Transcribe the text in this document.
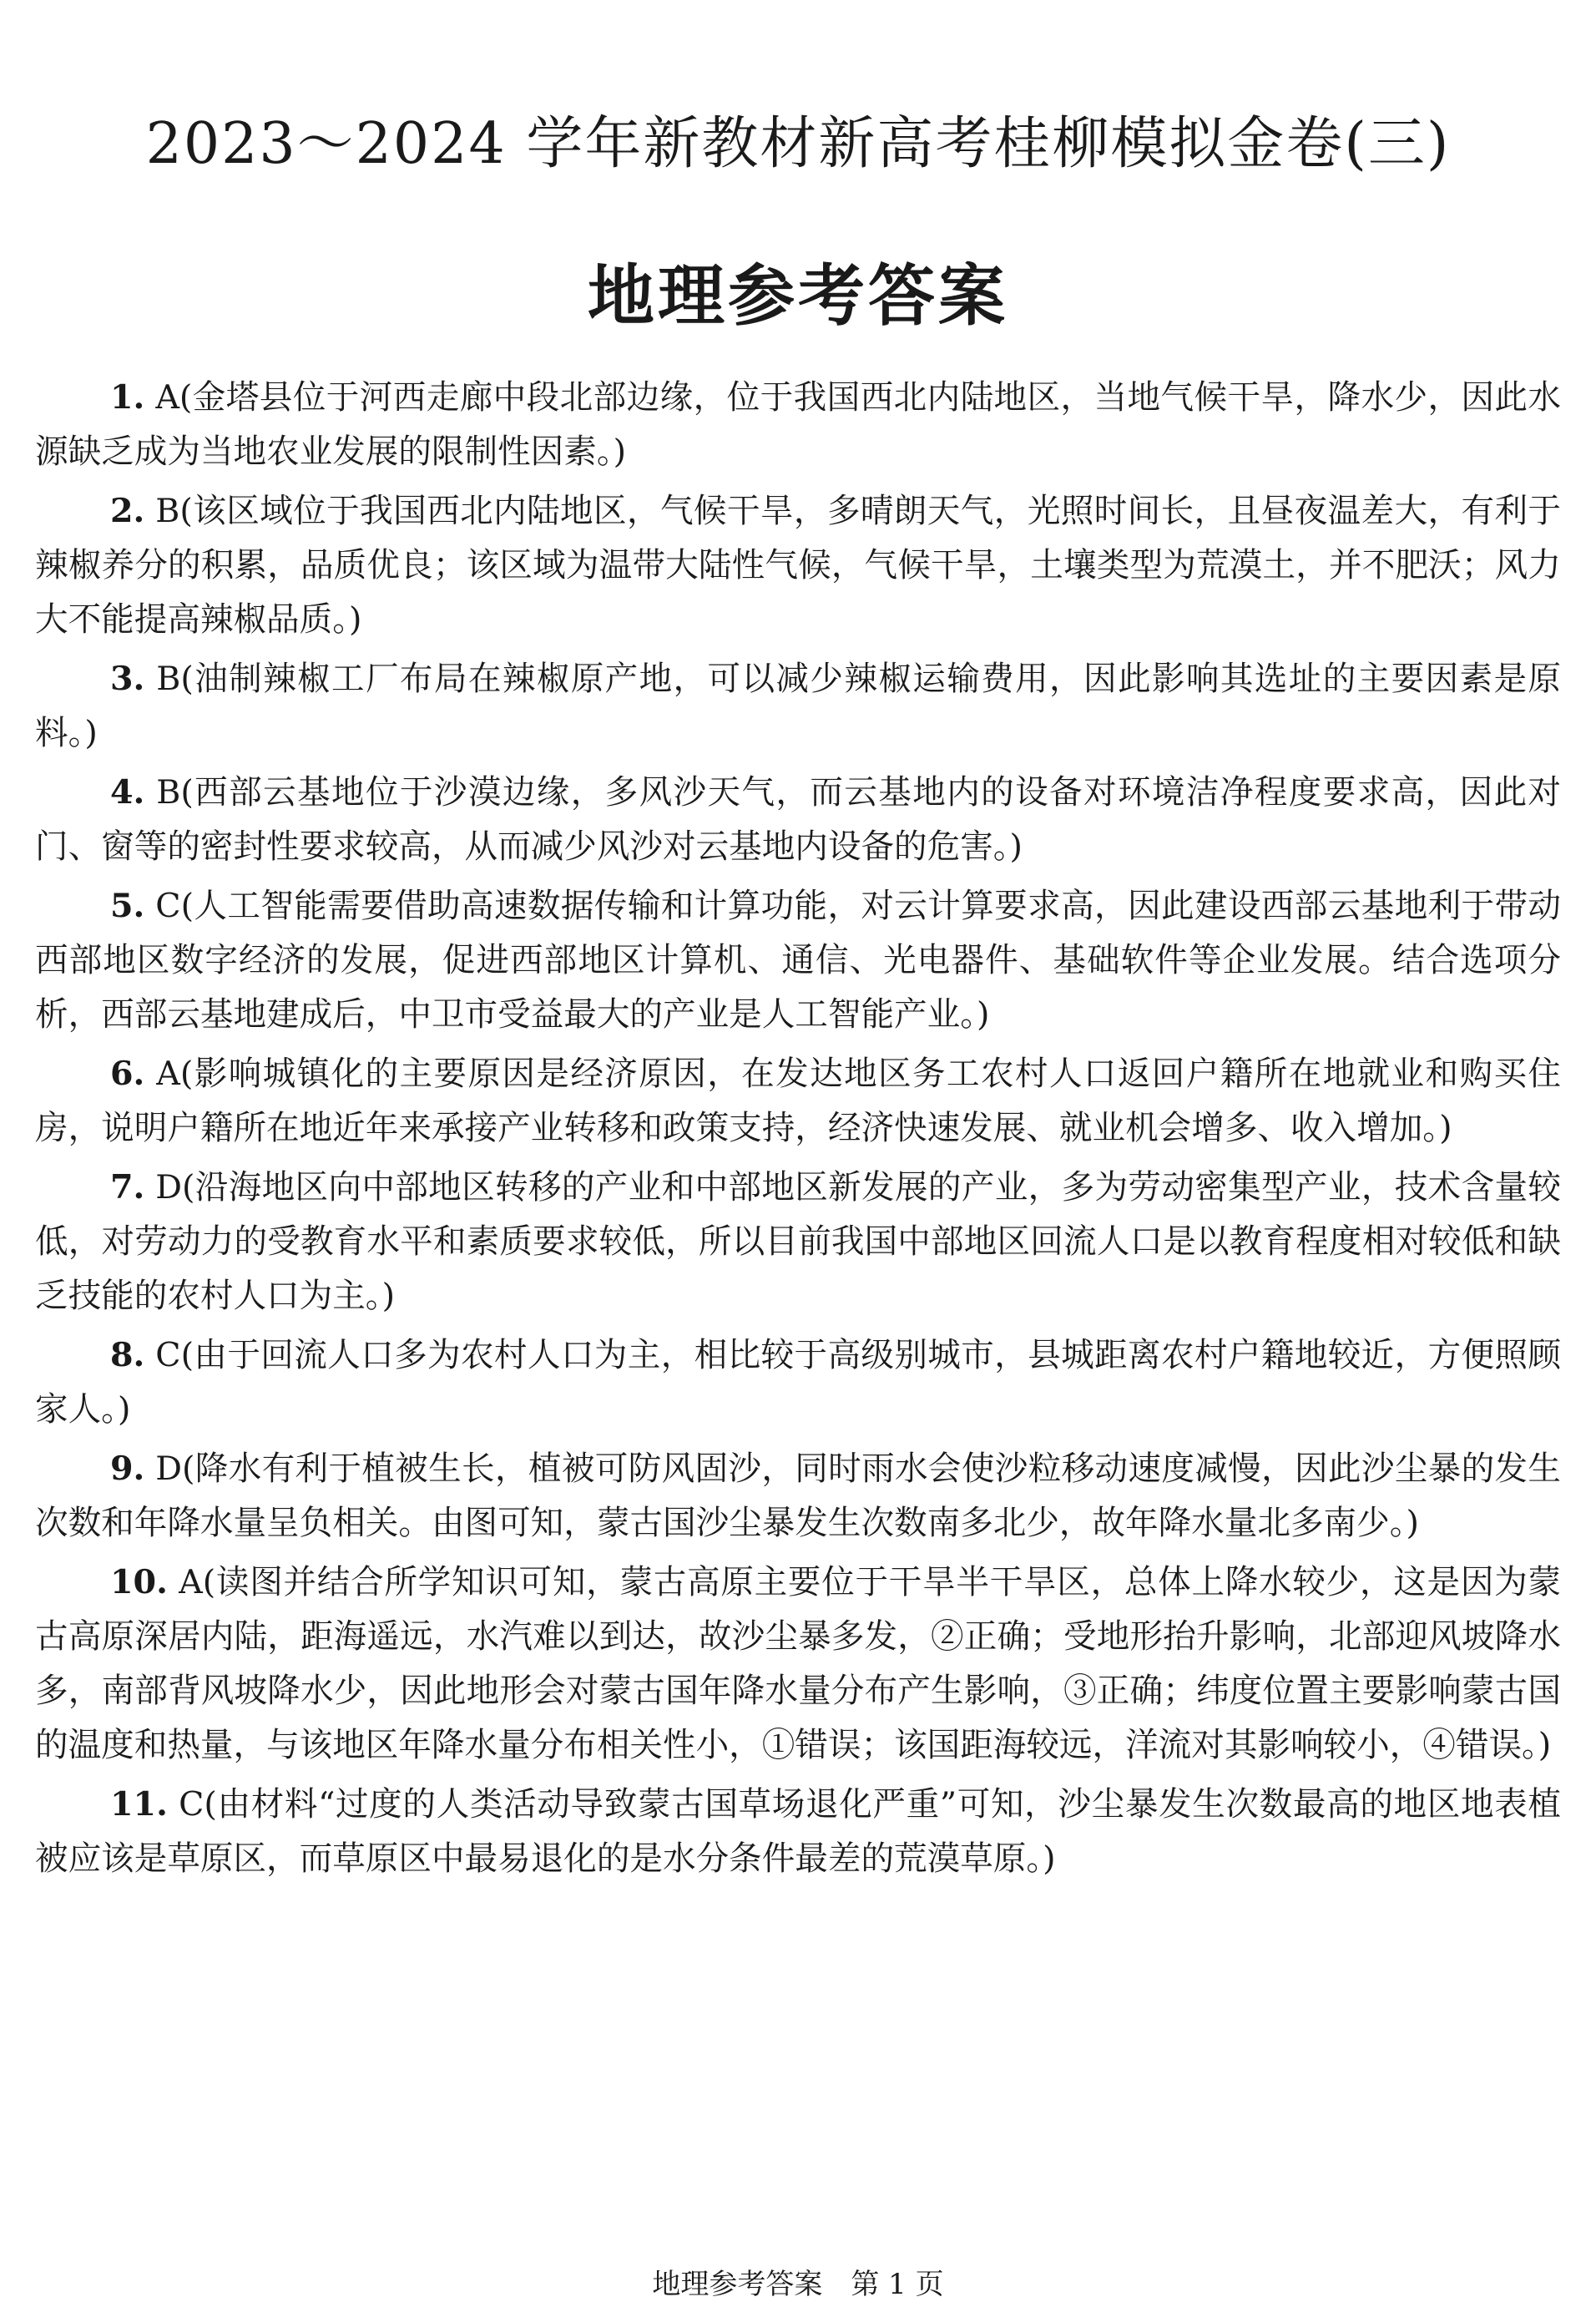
2023～2024 学年新教材新高考桂柳模拟金卷(三)
地理参考答案

1. A(金塔县位于河西走廊中段北部边缘，位于我国西北内陆地区，当地气候干旱，降水少，因此水源缺乏成为当地农业发展的限制性因素。)

2. B(该区域位于我国西北内陆地区，气候干旱，多晴朗天气，光照时间长，且昼夜温差大，有利于辣椒养分的积累，品质优良；该区域为温带大陆性气候，气候干旱，土壤类型为荒漠土，并不肥沃；风力大不能提高辣椒品质。)

3. B(油制辣椒工厂布局在辣椒原产地，可以减少辣椒运输费用，因此影响其选址的主要因素是原料。)

4. B(西部云基地位于沙漠边缘，多风沙天气，而云基地内的设备对环境洁净程度要求高，因此对门、窗等的密封性要求较高，从而减少风沙对云基地内设备的危害。)

5. C(人工智能需要借助高速数据传输和计算功能，对云计算要求高，因此建设西部云基地利于带动西部地区数字经济的发展，促进西部地区计算机、通信、光电器件、基础软件等企业发展。结合选项分析，西部云基地建成后，中卫市受益最大的产业是人工智能产业。)

6. A(影响城镇化的主要原因是经济原因，在发达地区务工农村人口返回户籍所在地就业和购买住房，说明户籍所在地近年来承接产业转移和政策支持，经济快速发展、就业机会增多、收入增加。)

7. D(沿海地区向中部地区转移的产业和中部地区新发展的产业，多为劳动密集型产业，技术含量较低，对劳动力的受教育水平和素质要求较低，所以目前我国中部地区回流人口是以教育程度相对较低和缺乏技能的农村人口为主。)

8. C(由于回流人口多为农村人口为主，相比较于高级别城市，县城距离农村户籍地较近，方便照顾家人。)

9. D(降水有利于植被生长，植被可防风固沙，同时雨水会使沙粒移动速度减慢，因此沙尘暴的发生次数和年降水量呈负相关。由图可知，蒙古国沙尘暴发生次数南多北少，故年降水量北多南少。)

10. A(读图并结合所学知识可知，蒙古高原主要位于干旱半干旱区，总体上降水较少，这是因为蒙古高原深居内陆，距海遥远，水汽难以到达，故沙尘暴多发，②正确；受地形抬升影响，北部迎风坡降水多，南部背风坡降水少，因此地形会对蒙古国年降水量分布产生影响，③正确；纬度位置主要影响蒙古国的温度和热量，与该地区年降水量分布相关性小，①错误；该国距海较远，洋流对其影响较小，④错误。)

11. C(由材料“过度的人类活动导致蒙古国草场退化严重”可知，沙尘暴发生次数最高的地区地表植被应该是草原区，而草原区中最易退化的是水分条件最差的荒漠草原。)

地理参考答案　第 1 页
